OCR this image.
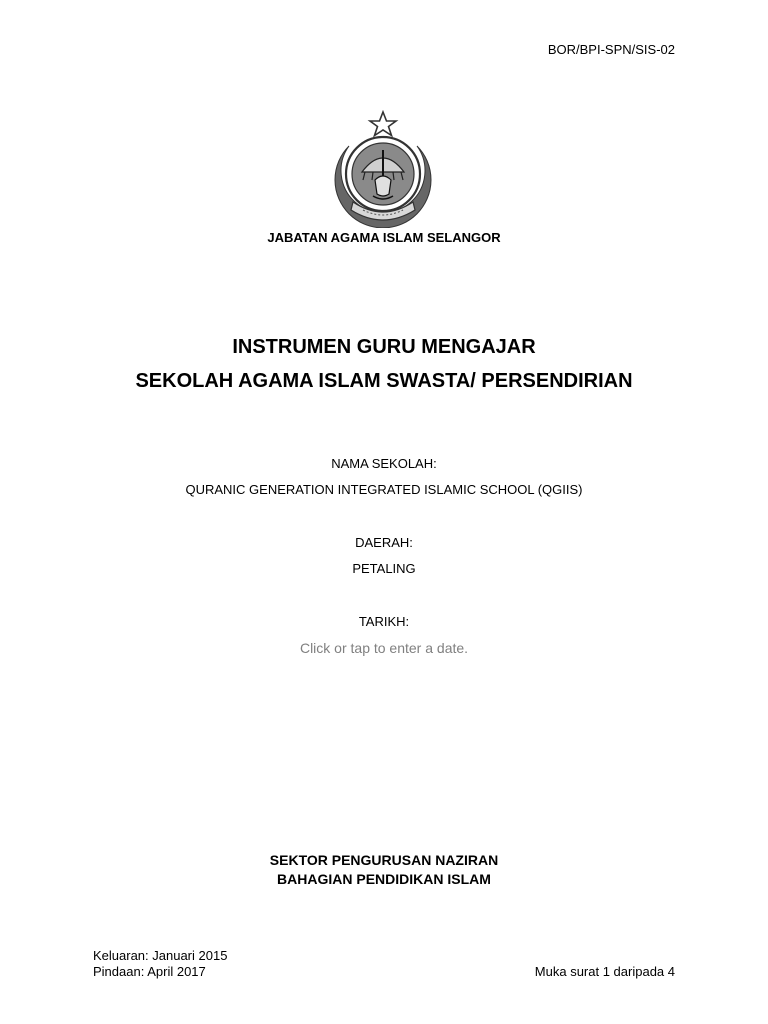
BOR/BPI-SPN/SIS-02
JABATAN AGAMA ISLAM SELANGOR
INSTRUMEN GURU MENGAJAR
SEKOLAH AGAMA ISLAM SWASTA/ PERSENDIRIAN
NAMA SEKOLAH:
QURANIC GENERATION INTEGRATED ISLAMIC SCHOOL (QGIIS)
DAERAH:
PETALING
TARIKH:
Click or tap to enter a date.
SEKTOR PENGURUSAN NAZIRAN
BAHAGIAN PENDIDIKAN ISLAM
Keluaran: Januari 2015
Pindaan: April 2017	Muka surat 1 daripada 4
